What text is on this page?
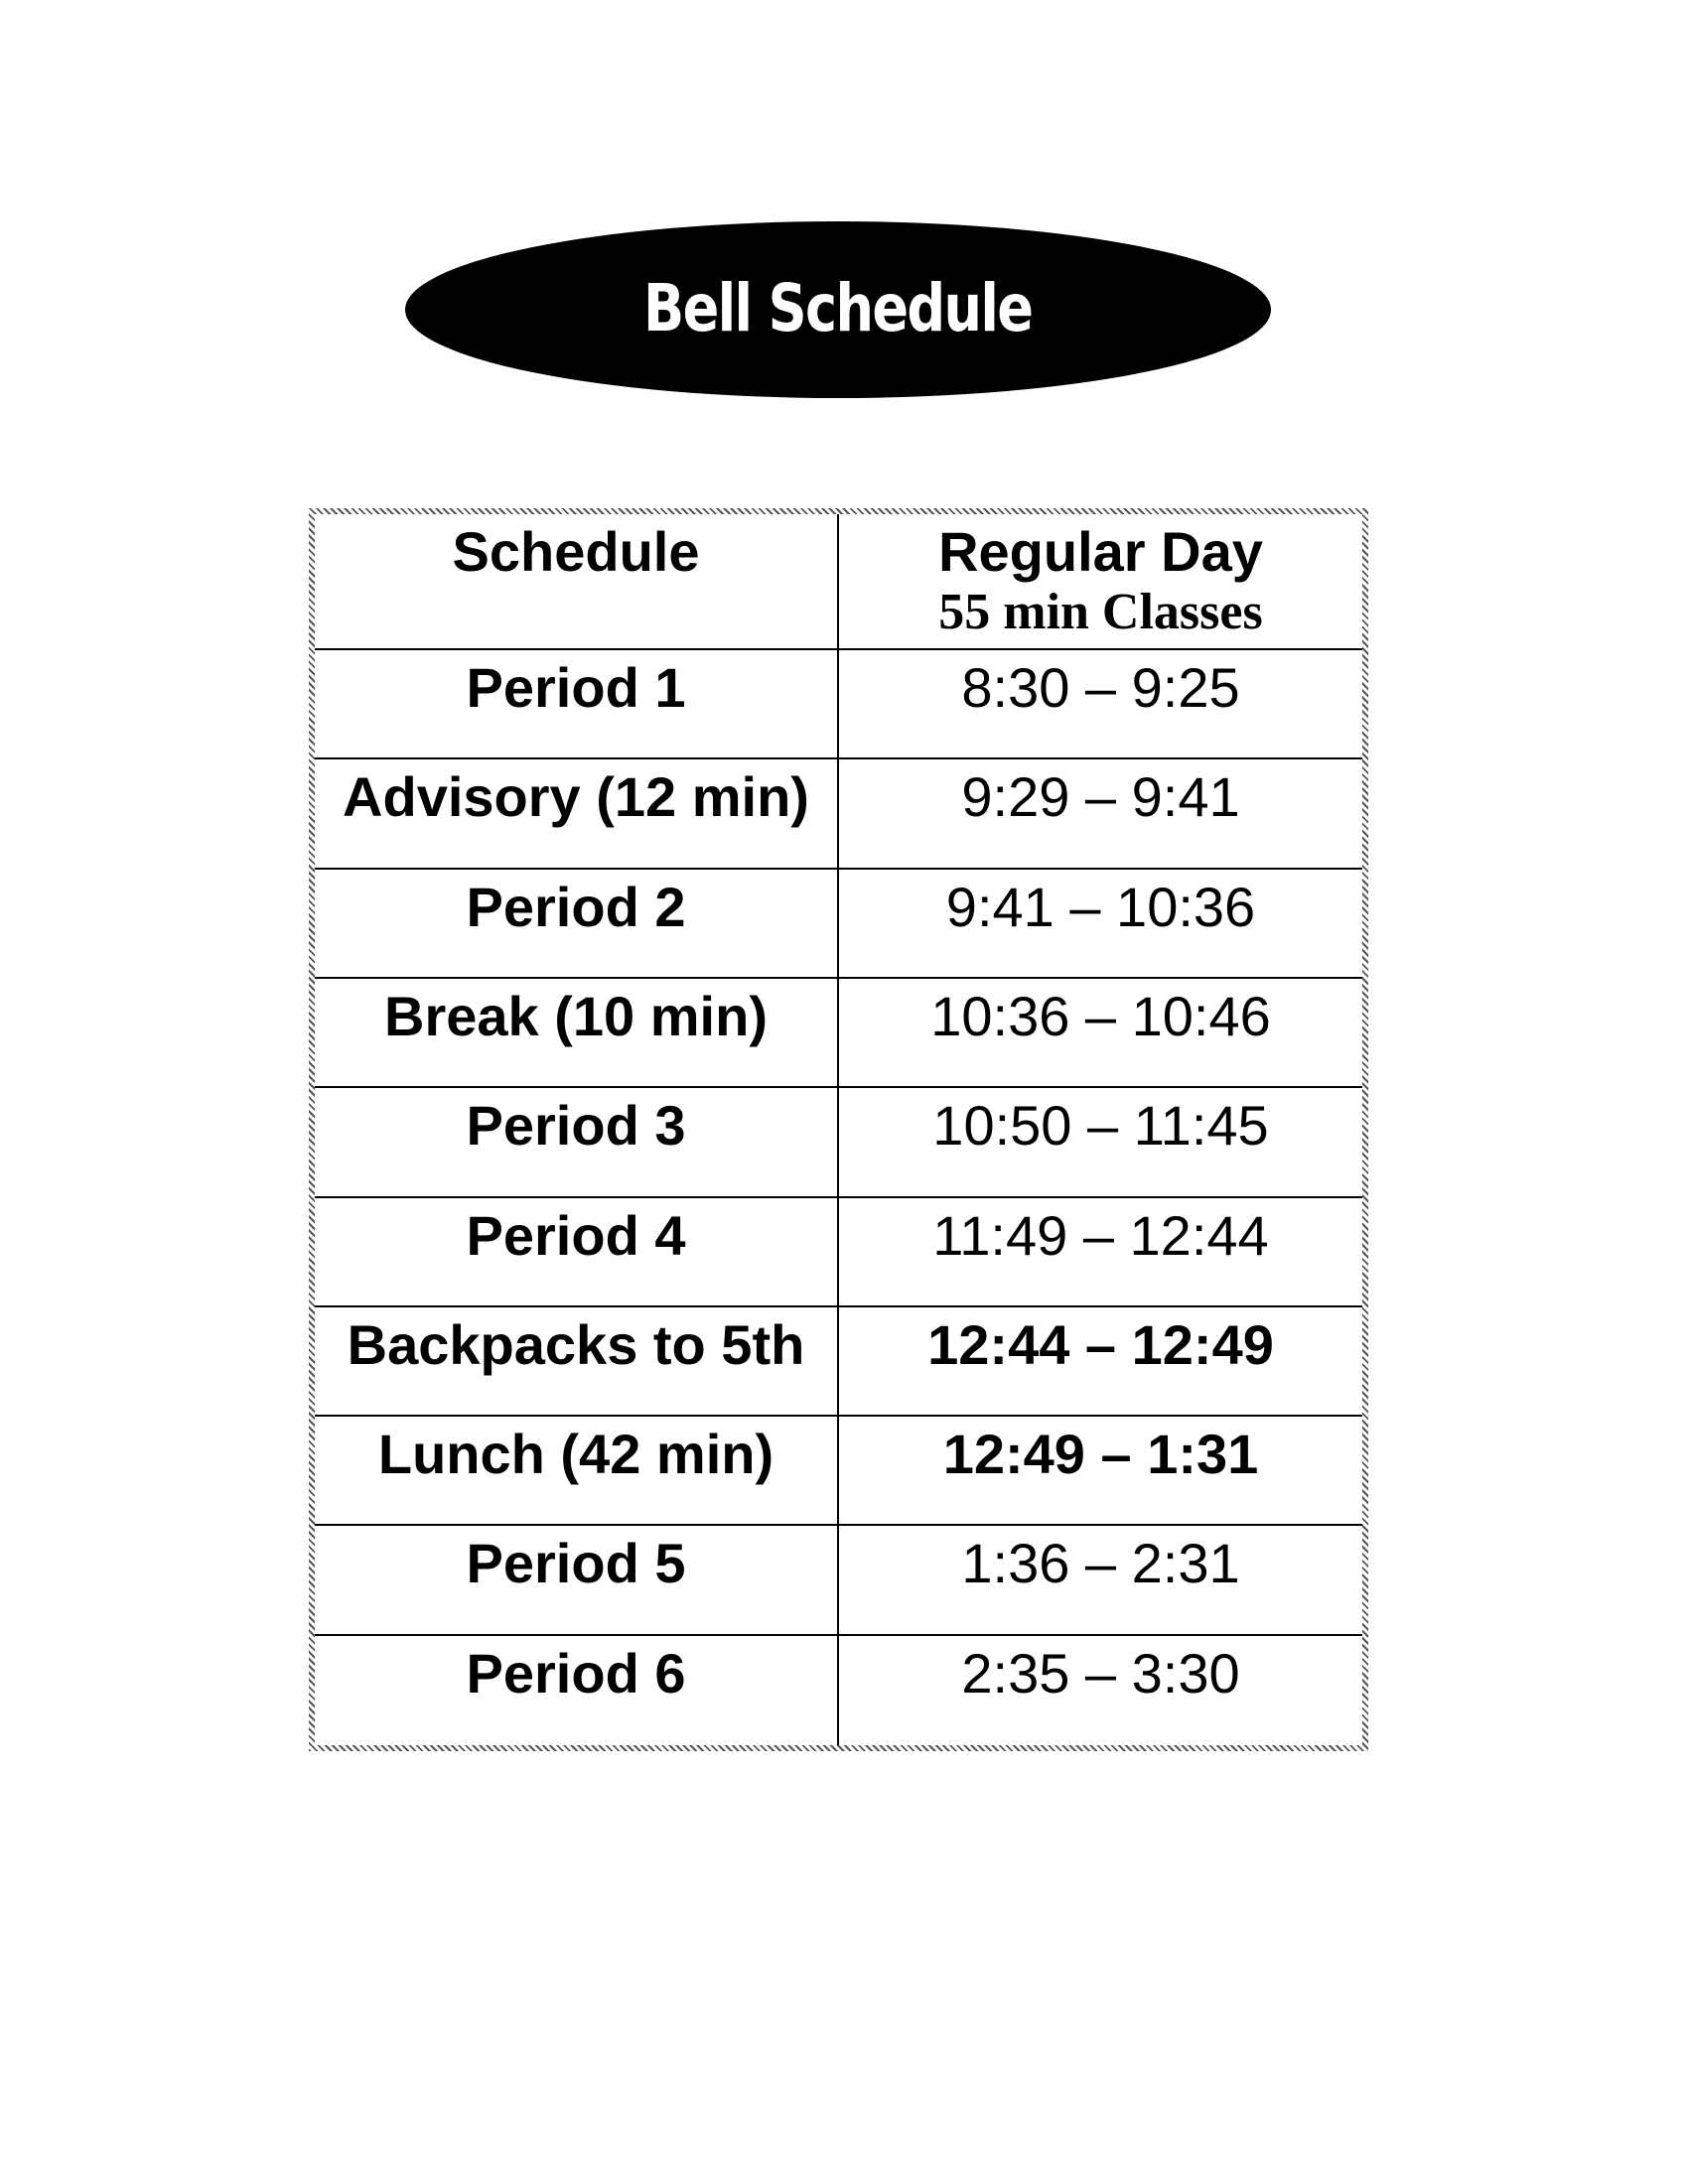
Bell Schedule
Schedule	Regular Day
55 min Classes
Period 1	8:30 – 9:25
Advisory (12 min)	9:29 – 9:41
Period 2	9:41 – 10:36
Break (10 min)	10:36 – 10:46
Period 3	10:50 – 11:45
Period 4	11:49 – 12:44
Backpacks to 5th	12:44 – 12:49
Lunch (42 min)	12:49 – 1:31
Period 5	1:36 – 2:31
Period 6	2:35 – 3:30
